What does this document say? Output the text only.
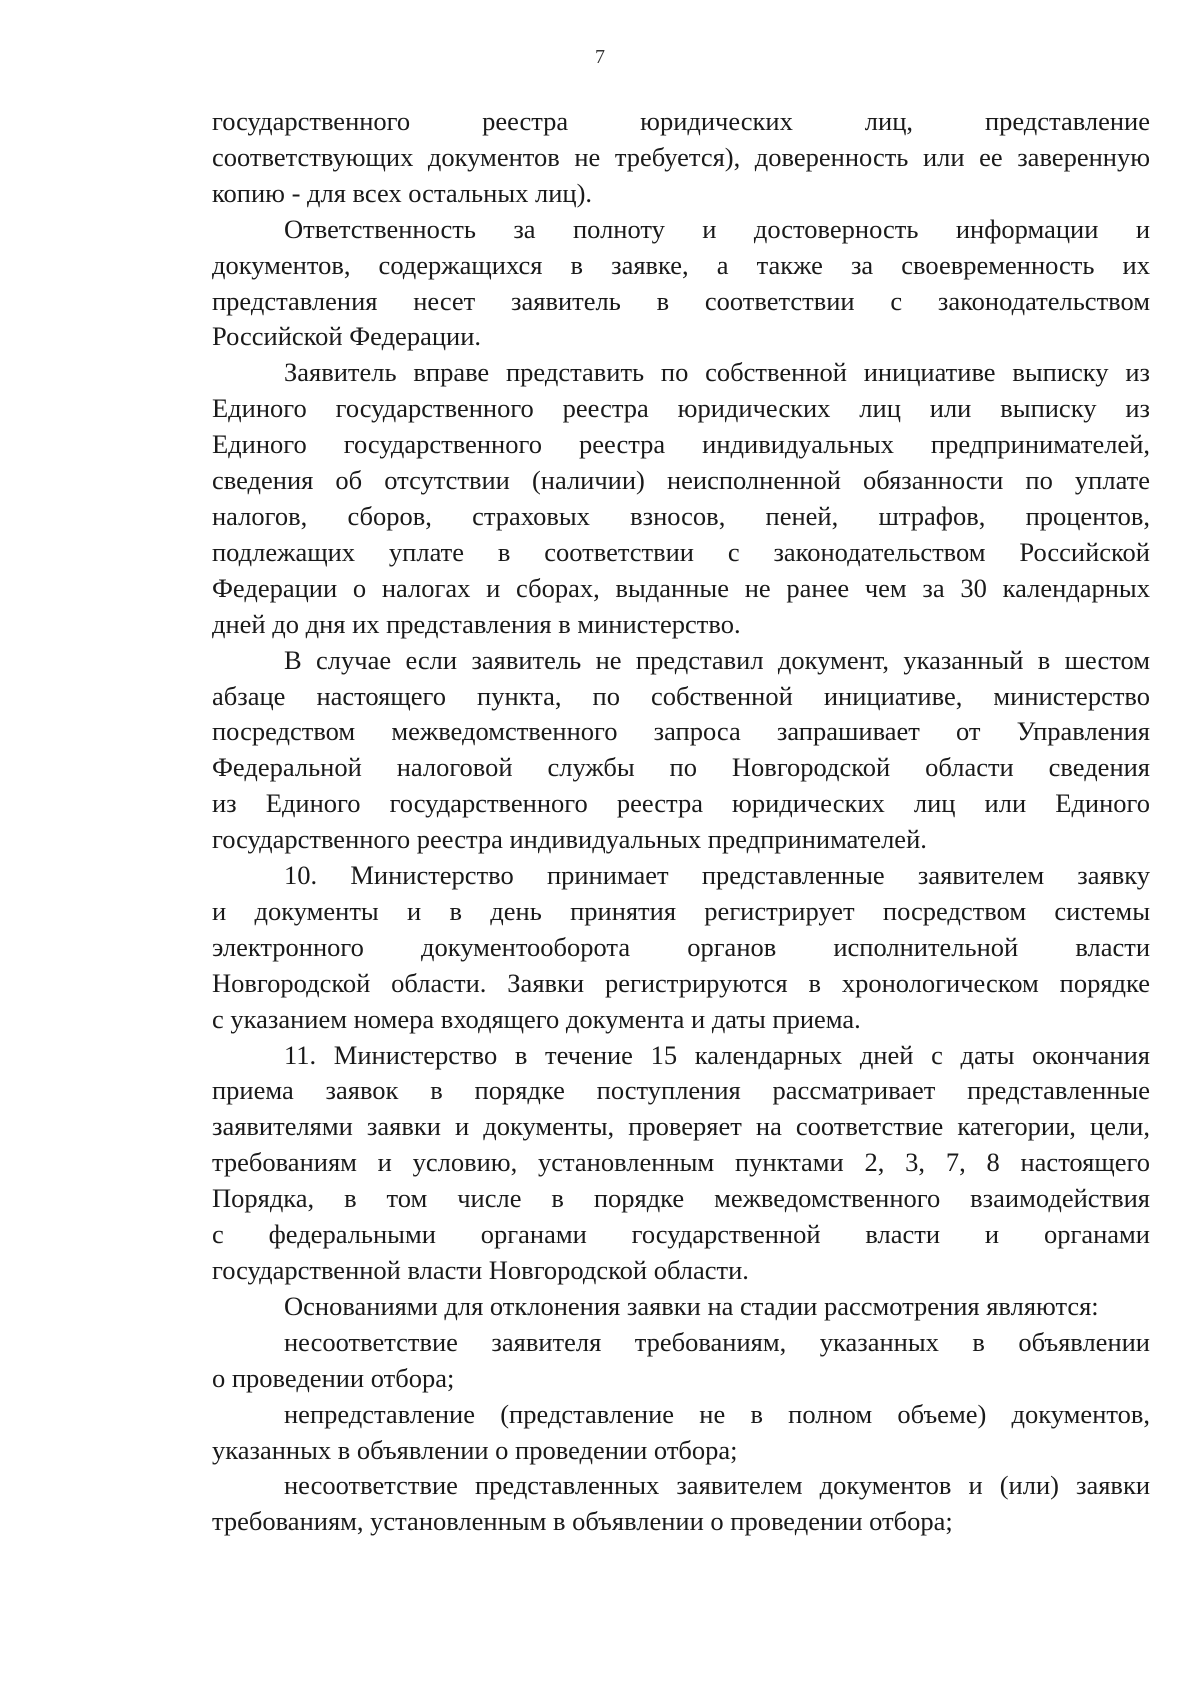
7

государственного реестра юридических лиц, представление
соответствующих документов не требуется), доверенность или ее заверенную
копию - для всех остальных лиц).

Ответственность за полноту и достоверность информации и
документов, содержащихся в заявке, а также за своевременность их
представления несет заявитель в соответствии с законодательством
Российской Федерации.

Заявитель вправе представить по собственной инициативе выписку из
Единого государственного реестра юридических лиц или выписку из
Единого государственного реестра индивидуальных предпринимателей,
сведения об отсутствии (наличии) неисполненной обязанности по уплате
налогов, сборов, страховых взносов, пеней, штрафов, процентов,
подлежащих уплате в соответствии с законодательством Российской
Федерации о налогах и сборах, выданные не ранее чем за 30 календарных
дней до дня их представления в министерство.

В случае если заявитель не представил документ, указанный в шестом
абзаце настоящего пункта, по собственной инициативе, министерство
посредством межведомственного запроса запрашивает от Управления
Федеральной налоговой службы по Новгородской области сведения
из Единого государственного реестра юридических лиц или Единого
государственного реестра индивидуальных предпринимателей.

10. Министерство принимает представленные заявителем заявку
и документы и в день принятия регистрирует посредством системы
электронного документооборота органов исполнительной власти
Новгородской области. Заявки регистрируются в хронологическом порядке
с указанием номера входящего документа и даты приема.

11. Министерство в течение 15 календарных дней с даты окончания
приема заявок в порядке поступления рассматривает представленные
заявителями заявки и документы, проверяет на соответствие категории, цели,
требованиям и условию, установленным пунктами 2, 3, 7, 8 настоящего
Порядка, в том числе в порядке межведомственного взаимодействия
с федеральными органами государственной власти и органами
государственной власти Новгородской области.

Основаниями для отклонения заявки на стадии рассмотрения являются:

несоответствие заявителя требованиям, указанных в объявлении
о проведении отбора;

непредставление (представление не в полном объеме) документов,
указанных в объявлении о проведении отбора;

несоответствие представленных заявителем документов и (или) заявки
требованиям, установленным в объявлении о проведении отбора;
